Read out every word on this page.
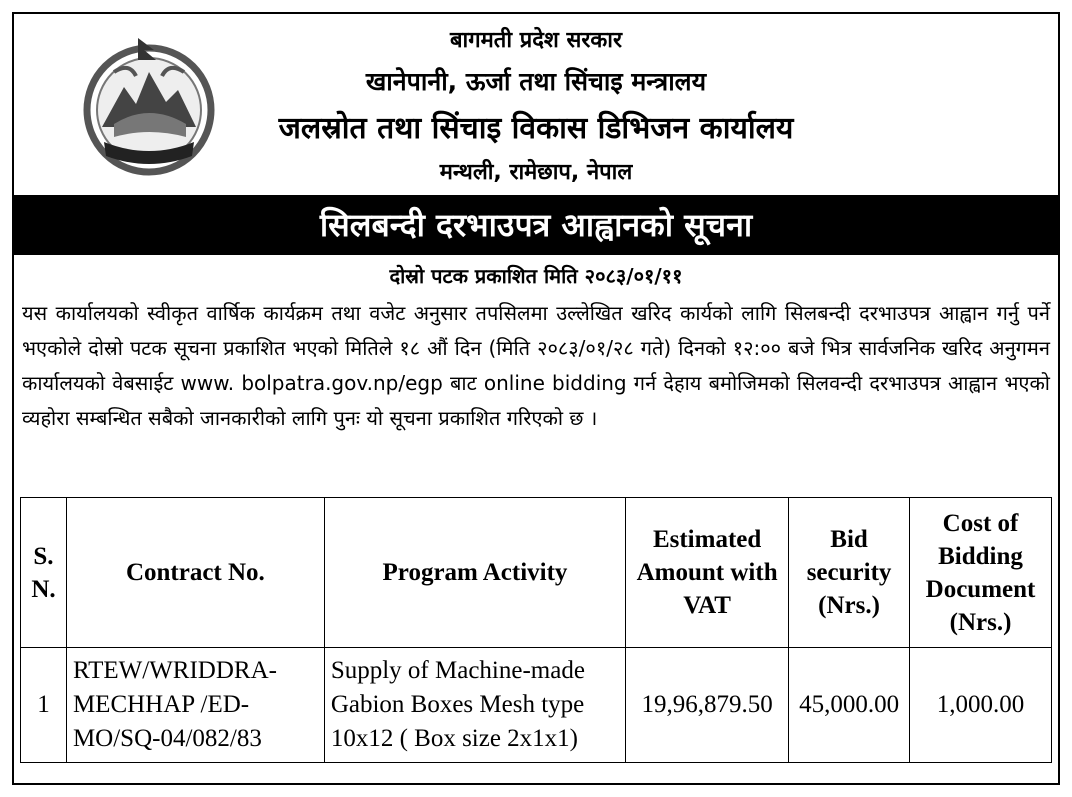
बागमती प्रदेश सरकार
खानेपानी, ऊर्जा तथा सिंचाइ मन्त्रालय
जलस्रोत तथा सिंचाइ विकास डिभिजन कार्यालय
मन्थली, रामेछाप, नेपाल
सिलबन्दी दरभाउपत्र आह्वानको सूचना
दोस्रो पटक प्रकाशित मिति २०८३/०१/११
यस कार्यालयको स्वीकृत वार्षिक कार्यक्रम तथा वजेट अनुसार तपसिलमा उल्लेखित खरिद कार्यको लागि सिलबन्दी दरभाउपत्र आह्वान गर्नु पर्ने भएकोले दोस्रो पटक सूचना प्रकाशित भएको मितिले १८ औं दिन (मिति २०८३/०१/२८ गते) दिनको १२:०० बजे भित्र सार्वजनिक खरिद अनुगमन कार्यालयको वेबसाईट www. bolpatra.gov.np/egp बाट online bidding गर्न देहाय बमोजिमको सिलवन्दी दरभाउपत्र आह्वान भएको व्यहोरा सम्बन्धित सबैको जानकारीको लागि पुनः यो सूचना प्रकाशित गरिएको छ ।
S. N.	Contract No.	Program Activity	Estimated Amount with VAT	Bid security (Nrs.)	Cost of Bidding Document (Nrs.)
1	RTEW/WRIDDRA-MECHHAP /ED-MO/SQ-04/082/83	Supply of Machine-made Gabion Boxes Mesh type 10x12 ( Box size 2x1x1)	19,96,879.50	45,000.00	1,000.00
